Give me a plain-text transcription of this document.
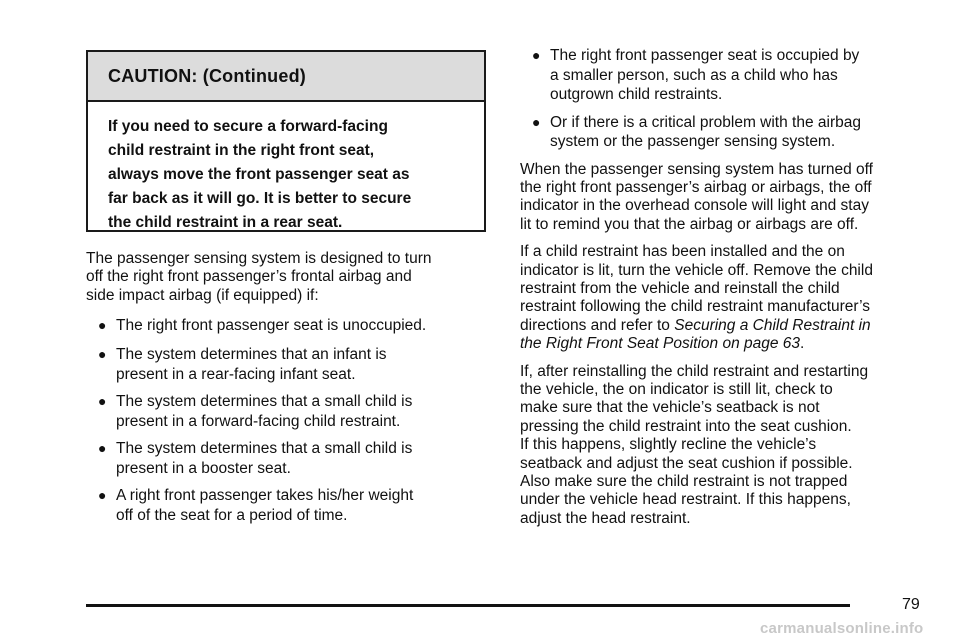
CAUTION: (Continued)
If you need to secure a forward-facing
child restraint in the right front seat,
always move the front passenger seat as
far back as it will go. It is better to secure
the child restraint in a rear seat.

The passenger sensing system is designed to turn
off the right front passenger’s frontal airbag and
side impact airbag (if equipped) if:

● The right front passenger seat is unoccupied.
● The system determines that an infant is
present in a rear-facing infant seat.
● The system determines that a small child is
present in a forward-facing child restraint.
● The system determines that a small child is
present in a booster seat.
● A right front passenger takes his/her weight
off of the seat for a period of time.
● The right front passenger seat is occupied by
a smaller person, such as a child who has
outgrown child restraints.
● Or if there is a critical problem with the airbag
system or the passenger sensing system.

When the passenger sensing system has turned off
the right front passenger’s airbag or airbags, the off
indicator in the overhead console will light and stay
lit to remind you that the airbag or airbags are off.

If a child restraint has been installed and the on
indicator is lit, turn the vehicle off. Remove the child
restraint from the vehicle and reinstall the child
restraint following the child restraint manufacturer’s
directions and refer to Securing a Child Restraint in
the Right Front Seat Position on page 63.

If, after reinstalling the child restraint and restarting
the vehicle, the on indicator is still lit, check to
make sure that the vehicle’s seatback is not
pressing the child restraint into the seat cushion.
If this happens, slightly recline the vehicle’s
seatback and adjust the seat cushion if possible.
Also make sure the child restraint is not trapped
under the vehicle head restraint. If this happens,
adjust the head restraint.

79
carmanualsonline.info
